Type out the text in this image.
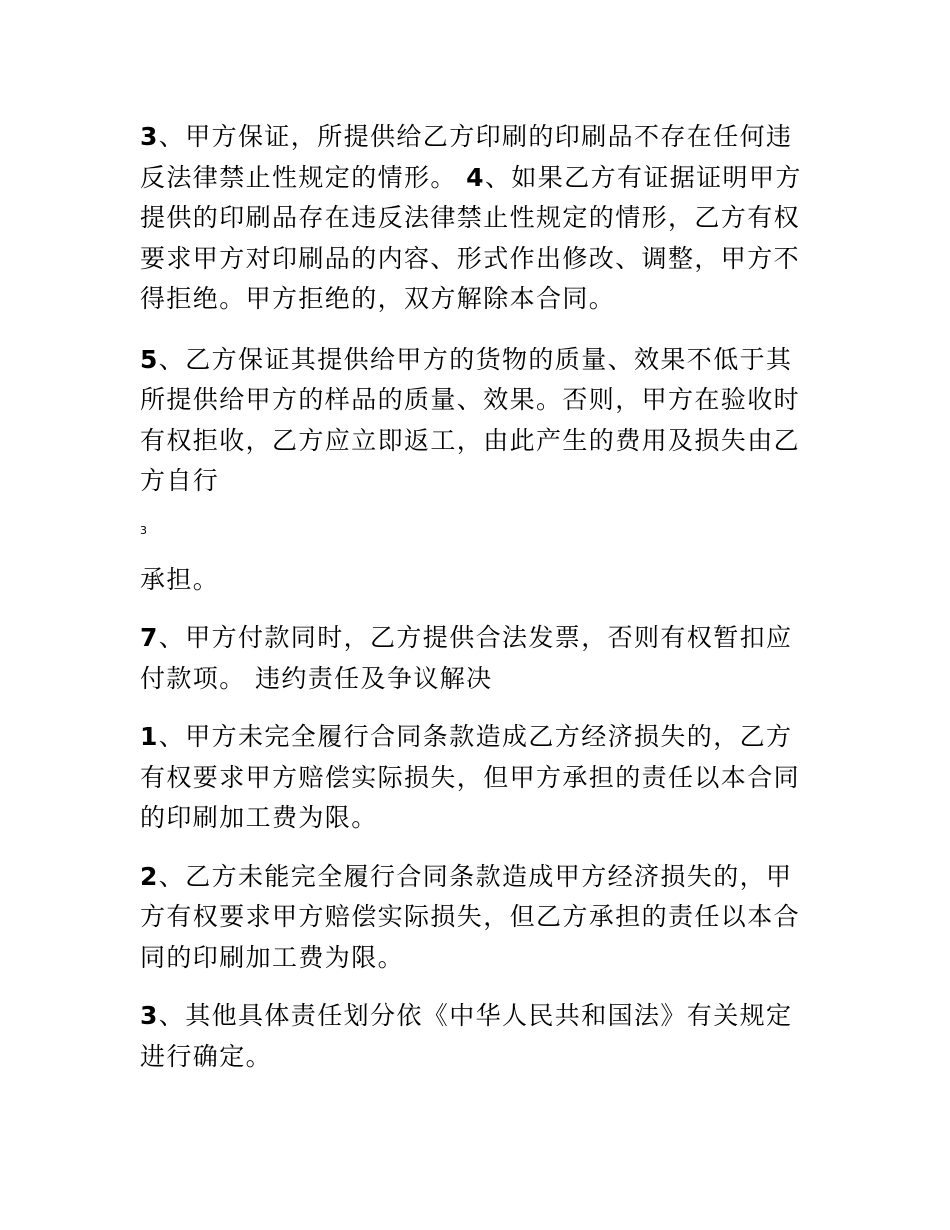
3、甲方保证，所提供给乙方印刷的印刷品不存在任何违反法律禁止性规定的情形。 4、如果乙方有证据证明甲方提供的印刷品存在违反法律禁止性规定的情形，乙方有权要求甲方对印刷品的内容、形式作出修改、调整，甲方不得拒绝。甲方拒绝的，双方解除本合同。

5、乙方保证其提供给甲方的货物的质量、效果不低于其所提供给甲方的样品的质量、效果。否则，甲方在验收时有权拒收，乙方应立即返工，由此产生的费用及损失由乙方自行

3

承担。

7、甲方付款同时，乙方提供合法发票，否则有权暂扣应付款项。 违约责任及争议解决

1、甲方未完全履行合同条款造成乙方经济损失的，乙方有权要求甲方赔偿实际损失，但甲方承担的责任以本合同的印刷加工费为限。

2、乙方未能完全履行合同条款造成甲方经济损失的，甲方有权要求甲方赔偿实际损失，但乙方承担的责任以本合同的印刷加工费为限。

3、其他具体责任划分依《中华人民共和国法》有关规定进行确定。
